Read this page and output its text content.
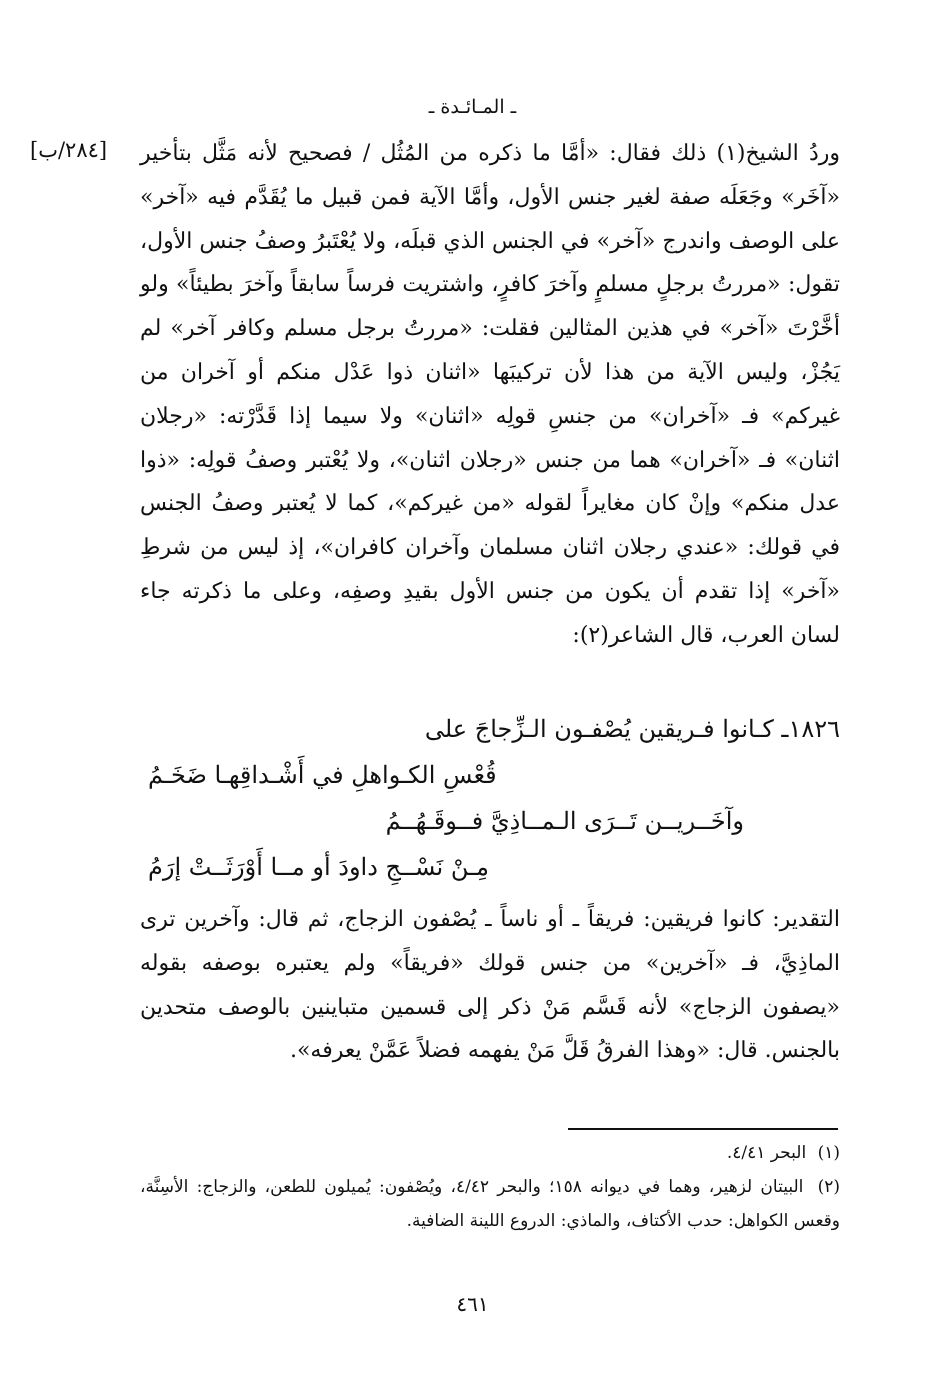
ـ المـائـدة ـ
[٢٨٤/ب] وردُ الشيخ(١) ذلك فقال: «أمَّا ما ذكره من المُثُل / فصحيح لأنه مَثَّل بتأخير «آخَر» وجَعَلَه صفة لغير جنس الأول، وأمَّا الآية فمن قبيل ما يُقَدَّم فيه «آخر» على الوصف واندرج «آخر» في الجنس الذي قبلَه، ولا يُعْتَبرُ وصفُ جنس الأول، تقول: «مررتُ برجلٍ مسلمٍ وآخرَ كافرٍ، واشتريت فرساً سابقاً وآخرَ بطيئاً» ولو أخَّرْتَ «آخر» في هذين المثالين فقلت: «مررتُ برجل مسلم وكافر آخر» لم يَجُزْ، وليس الآية من هذا لأن تركيبَها «اثنان ذوا عَدْل منكم أو آخران من غيركم» فـ «آخران» من جنسِ قولِه «اثنان» ولا سيما إذا قَدَّرْته: «رجلان اثنان» فـ «آخران» هما من جنس «رجلان اثنان»، ولا يُعْتبر وصفُ قولِه: «ذوا عدل منكم» وإنْ كان مغايراً لقوله «من غيركم»، كما لا يُعتبر وصفُ الجنس في قولك: «عندي رجلان اثنان مسلمان وآخران كافران»، إذ ليس من شرطِ «آخر» إذا تقدم أن يكون من جنس الأول بقيدِ وصفِه، وعلى ما ذكرته جاء لسان العرب، قال الشاعر(٢):

١٨٢٦ـ كـانوا فـريقين يُصْفـون الـزِّجاجَ على
قُعْسِ الكـواهلِ في أَشْـداقِهـا ضَخَـمُ
وآخَــريــن تَــرَى الـمــاذِيَّ فــوقَـهُــمُ
مِـنْ نَسْــجِ داودَ أو مــا أَوْرَثَــتْ إرَمُ

التقدير: كانوا فريقين: فريقاً ـ أو ناساً ـ يُصْفون الزجاج، ثم قال: وآخرين ترى الماذِيَّ، فـ «آخرين» من جنس قولك «فريقاً» ولم يعتبره بوصفه بقوله «يصفون الزجاج» لأنه قَسَّم مَنْ ذكر إلى قسمين متباينين بالوصف متحدين بالجنس. قال: «وهذا الفرقُ قَلَّ مَنْ يفهمه فضلاً عَمَّنْ يعرفه».

(١) البحر ٤/٤١.

(٢) البيتان لزهير، وهما في ديوانه ١٥٨؛ والبحر ٤/٤٢، ويُصْفون: يُميلون للطعن، والزجاج: الأسِنَّة، وقعس الكواهل: حدب الأكتاف، والماذي: الدروع اللينة الضافية.

٤٦١
